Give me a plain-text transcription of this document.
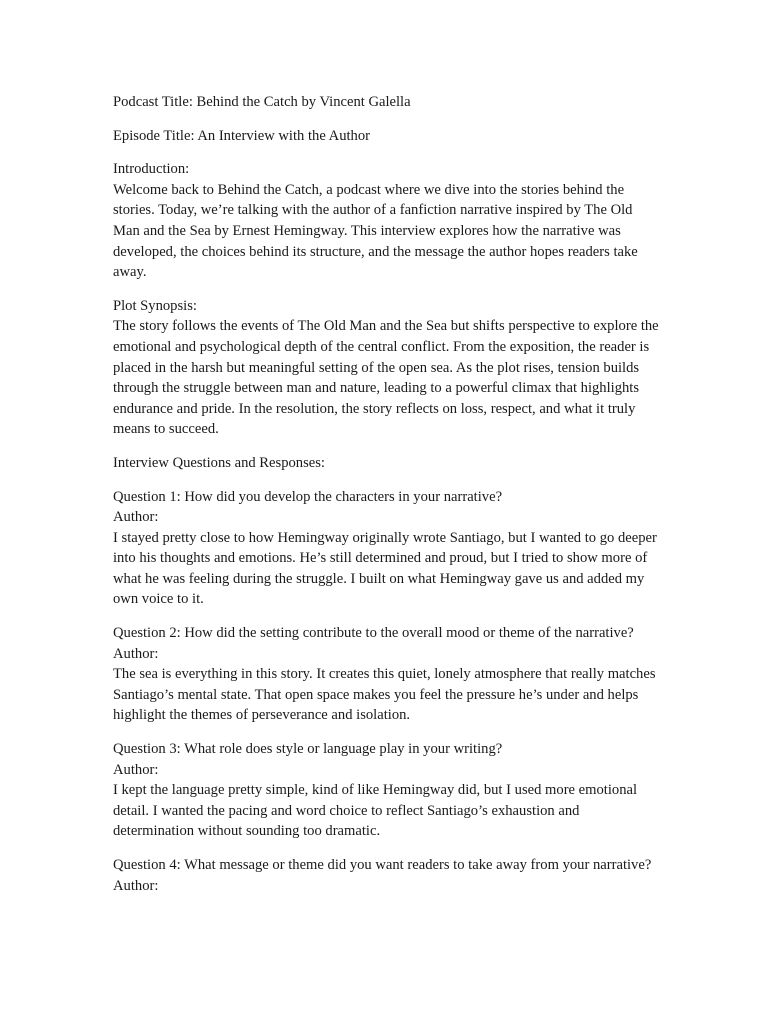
Podcast Title: Behind the Catch by Vincent Galella

Episode Title: An Interview with the Author

Introduction:

Welcome back to Behind the Catch, a podcast where we dive into the stories behind the stories. Today, we’re talking with the author of a fanfiction narrative inspired by The Old Man and the Sea by Ernest Hemingway. This interview explores how the narrative was developed, the choices behind its structure, and the message the author hopes readers take away.

Plot Synopsis:

The story follows the events of The Old Man and the Sea but shifts perspective to explore the emotional and psychological depth of the central conflict. From the exposition, the reader is placed in the harsh but meaningful setting of the open sea. As the plot rises, tension builds through the struggle between man and nature, leading to a powerful climax that highlights endurance and pride. In the resolution, the story reflects on loss, respect, and what it truly means to succeed.

Interview Questions and Responses:

Question 1: How did you develop the characters in your narrative?

Author:

I stayed pretty close to how Hemingway originally wrote Santiago, but I wanted to go deeper into his thoughts and emotions. He’s still determined and proud, but I tried to show more of what he was feeling during the struggle. I built on what Hemingway gave us and added my own voice to it.

Question 2: How did the setting contribute to the overall mood or theme of the narrative?

Author:

The sea is everything in this story. It creates this quiet, lonely atmosphere that really matches Santiago’s mental state. That open space makes you feel the pressure he’s under and helps highlight the themes of perseverance and isolation.

Question 3: What role does style or language play in your writing?

Author:

I kept the language pretty simple, kind of like Hemingway did, but I used more emotional detail. I wanted the pacing and word choice to reflect Santiago’s exhaustion and determination without sounding too dramatic.

Question 4: What message or theme did you want readers to take away from your narrative?

Author:
